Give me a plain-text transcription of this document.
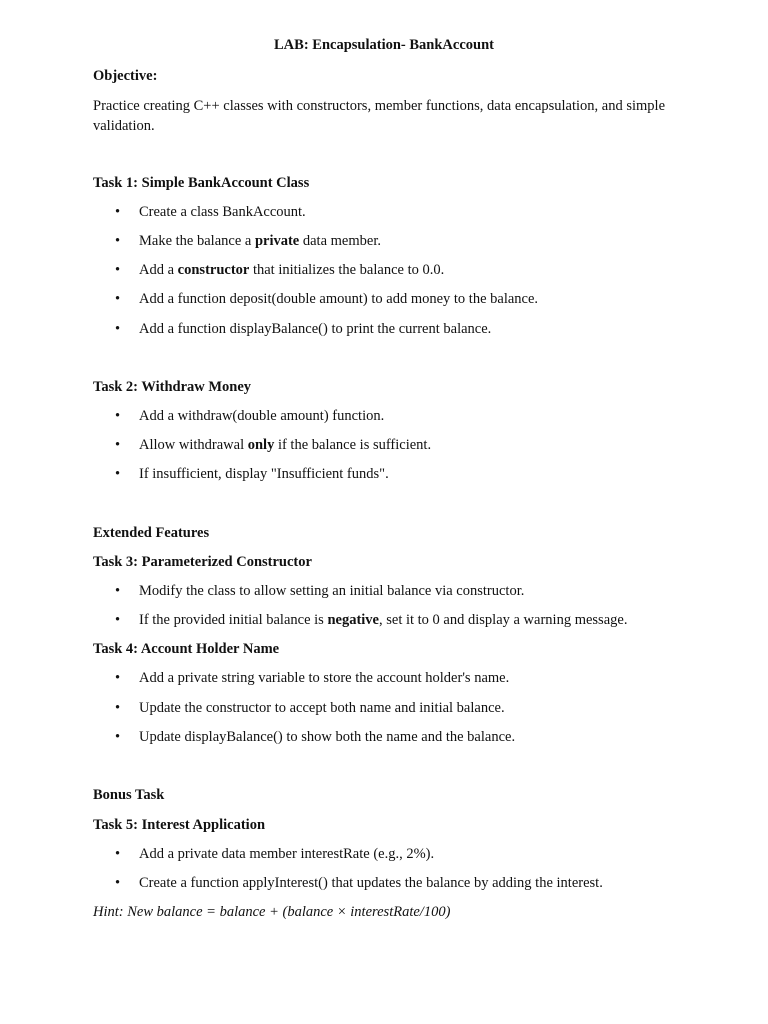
LAB: Encapsulation- BankAccount
Objective:
Practice creating C++ classes with constructors, member functions, data encapsulation, and simple validation.
Task 1: Simple BankAccount Class
• Create a class BankAccount.
• Make the balance a private data member.
• Add a constructor that initializes the balance to 0.0.
• Add a function deposit(double amount) to add money to the balance.
• Add a function displayBalance() to print the current balance.
Task 2: Withdraw Money
• Add a withdraw(double amount) function.
• Allow withdrawal only if the balance is sufficient.
• If insufficient, display "Insufficient funds".
Extended Features
Task 3: Parameterized Constructor
• Modify the class to allow setting an initial balance via constructor.
• If the provided initial balance is negative, set it to 0 and display a warning message.
Task 4: Account Holder Name
• Add a private string variable to store the account holder's name.
• Update the constructor to accept both name and initial balance.
• Update displayBalance() to show both the name and the balance.
Bonus Task
Task 5: Interest Application
• Add a private data member interestRate (e.g., 2%).
• Create a function applyInterest() that updates the balance by adding the interest.
Hint: New balance = balance + (balance × interestRate/100)
